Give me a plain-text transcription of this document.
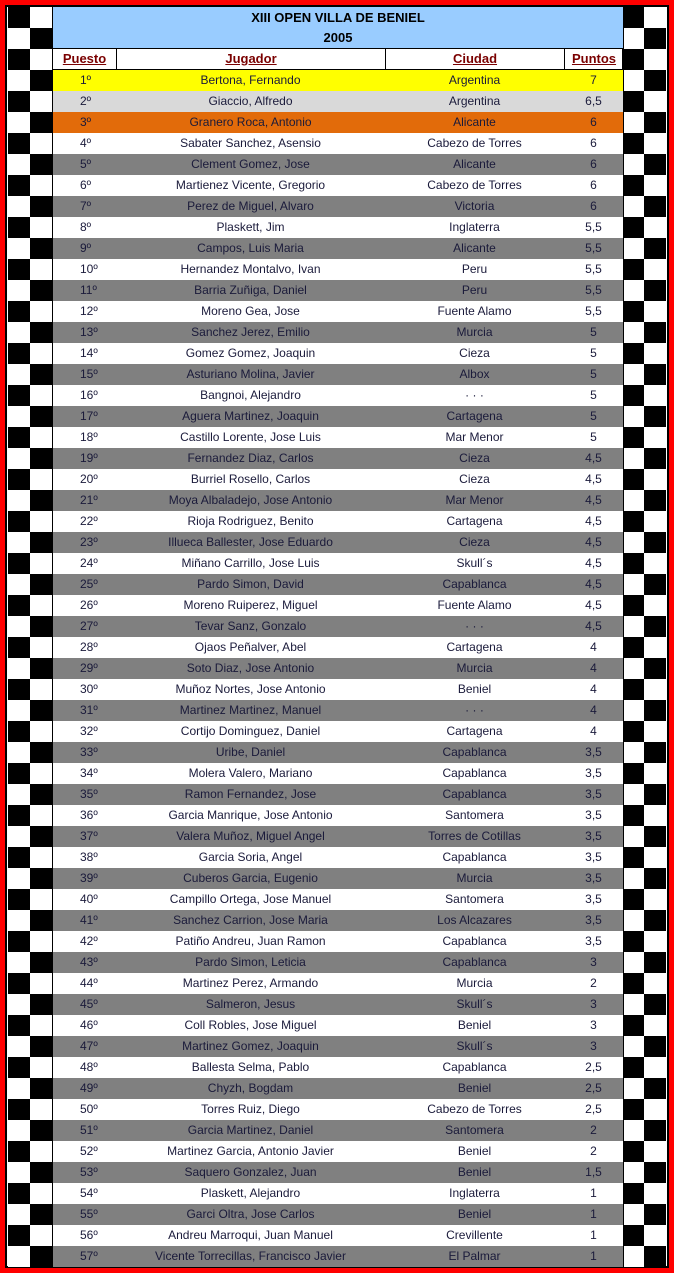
XIII OPEN VILLA DE BENIEL
2005
Puesto	Jugador	Ciudad	Puntos
1º	Bertona, Fernando	Argentina	7
2º	Giaccio, Alfredo	Argentina	6,5
3º	Granero Roca, Antonio	Alicante	6
4º	Sabater Sanchez, Asensio	Cabezo de Torres	6
5º	Clement Gomez, Jose	Alicante	6
6º	Martienez Vicente, Gregorio	Cabezo de Torres	6
7º	Perez de Miguel, Alvaro	Victoria	6
8º	Plaskett, Jim	Inglaterra	5,5
9º	Campos, Luis Maria	Alicante	5,5
10º	Hernandez Montalvo, Ivan	Peru	5,5
11º	Barria Zuñiga, Daniel	Peru	5,5
12º	Moreno Gea, Jose	Fuente Alamo	5,5
13º	Sanchez Jerez, Emilio	Murcia	5
14º	Gomez Gomez, Joaquin	Cieza	5
15º	Asturiano Molina, Javier	Albox	5
16º	Bangnoi, Alejandro	· · ·	5
17º	Aguera Martinez, Joaquin	Cartagena	5
18º	Castillo Lorente, Jose Luis	Mar Menor	5
19º	Fernandez Diaz, Carlos	Cieza	4,5
20º	Burriel Rosello, Carlos	Cieza	4,5
21º	Moya Albaladejo, Jose Antonio	Mar Menor	4,5
22º	Rioja Rodriguez, Benito	Cartagena	4,5
23º	Illueca Ballester, Jose Eduardo	Cieza	4,5
24º	Miñano Carrillo, Jose Luis	Skull´s	4,5
25º	Pardo Simon, David	Capablanca	4,5
26º	Moreno Ruiperez, Miguel	Fuente Alamo	4,5
27º	Tevar Sanz, Gonzalo	· · ·	4,5
28º	Ojaos Peñalver, Abel	Cartagena	4
29º	Soto Diaz, Jose Antonio	Murcia	4
30º	Muñoz Nortes, Jose Antonio	Beniel	4
31º	Martinez Martinez, Manuel	· · ·	4
32º	Cortijo Dominguez, Daniel	Cartagena	4
33º	Uribe, Daniel	Capablanca	3,5
34º	Molera Valero, Mariano	Capablanca	3,5
35º	Ramon Fernandez, Jose	Capablanca	3,5
36º	Garcia Manrique, Jose Antonio	Santomera	3,5
37º	Valera Muñoz, Miguel Angel	Torres de Cotillas	3,5
38º	Garcia Soria, Angel	Capablanca	3,5
39º	Cuberos Garcia, Eugenio	Murcia	3,5
40º	Campillo Ortega, Jose Manuel	Santomera	3,5
41º	Sanchez Carrion, Jose Maria	Los Alcazares	3,5
42º	Patiño Andreu, Juan Ramon	Capablanca	3,5
43º	Pardo Simon, Leticia	Capablanca	3
44º	Martinez Perez, Armando	Murcia	2
45º	Salmeron, Jesus	Skull´s	3
46º	Coll Robles, Jose Miguel	Beniel	3
47º	Martinez Gomez, Joaquin	Skull´s	3
48º	Ballesta Selma, Pablo	Capablanca	2,5
49º	Chyzh, Bogdam	Beniel	2,5
50º	Torres Ruiz, Diego	Cabezo de Torres	2,5
51º	Garcia Martinez, Daniel	Santomera	2
52º	Martinez Garcia, Antonio Javier	Beniel	2
53º	Saquero Gonzalez, Juan	Beniel	1,5
54º	Plaskett, Alejandro	Inglaterra	1
55º	Garci Oltra, Jose Carlos	Beniel	1
56º	Andreu Marroqui, Juan Manuel	Crevillente	1
57º	Vicente Torrecillas, Francisco Javier	El Palmar	1
